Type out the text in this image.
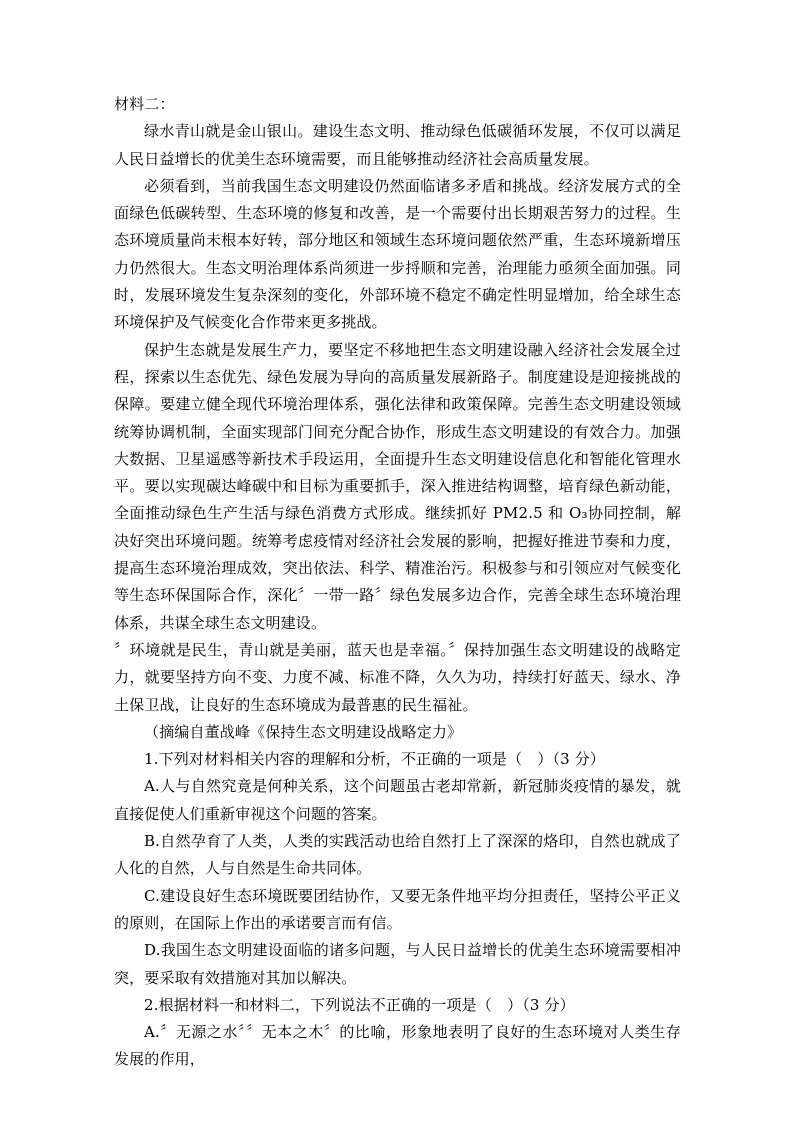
材料二：

绿水青山就是金山银山。建设生态文明、推动绿色低碳循环发展，不仅可以满足人民日益增长的优美生态环境需要，而且能够推动经济社会高质量发展。

必须看到，当前我国生态文明建设仍然面临诸多矛盾和挑战。经济发展方式的全面绿色低碳转型、生态环境的修复和改善，是一个需要付出长期艰苦努力的过程。生态环境质量尚未根本好转，部分地区和领域生态环境问题依然严重，生态环境新增压力仍然很大。生态文明治理体系尚须进一步捋顺和完善，治理能力亟须全面加强。同时，发展环境发生复杂深刻的变化，外部环境不稳定不确定性明显增加，给全球生态环境保护及气候变化合作带来更多挑战。

保护生态就是发展生产力，要坚定不移地把生态文明建设融入经济社会发展全过程，探索以生态优先、绿色发展为导向的高质量发展新路子。制度建设是迎接挑战的保障。要建立健全现代环境治理体系，强化法律和政策保障。完善生态文明建设领域统筹协调机制，全面实现部门间充分配合协作，形成生态文明建设的有效合力。加强大数据、卫星遥感等新技术手段运用，全面提升生态文明建设信息化和智能化管理水平。要以实现碳达峰碳中和目标为重要抓手，深入推进结构调整，培育绿色新动能，全面推动绿色生产生活与绿色消费方式形成。继续抓好 PM2.5 和 O₃协同控制，解决好突出环境问题。统筹考虑疫情对经济社会发展的影响，把握好推进节奏和力度，提高生态环境治理成效，突出依法、科学、精准治污。积极参与和引领应对气候变化等生态环保国际合作，深化〞一带一路〞绿色发展多边合作，完善全球生态环境治理体系，共谋全球生态文明建设。

〞环境就是民生，青山就是美丽，蓝天也是幸福。〞保持加强生态文明建设的战略定力，就要坚持方向不变、力度不减、标准不降，久久为功，持续打好蓝天、绿水、净土保卫战，让良好的生态环境成为最普惠的民生福祉。

（摘编自董战峰《保持生态文明建设战略定力》

1.下列对材料相关内容的理解和分析，不正确的一项是（　）（3 分）

A.人与自然究竟是何种关系，这个问题虽古老却常新，新冠肺炎疫情的暴发，就直接促使人们重新审视这个问题的答案。

B.自然孕育了人类，人类的实践活动也给自然打上了深深的烙印，自然也就成了人化的自然，人与自然是生命共同体。

C.建设良好生态环境既要团结协作，又要无条件地平均分担责任，坚持公平正义的原则，在国际上作出的承诺要言而有信。

D.我国生态文明建设面临的诸多问题，与人民日益增长的优美生态环境需要相冲突，要采取有效措施对其加以解决。

2.根据材料一和材料二，下列说法不正确的一项是（　）（3 分）

A.〞无源之水〞〞无本之木〞的比喻，形象地表明了良好的生态环境对人类生存发展的作用，
